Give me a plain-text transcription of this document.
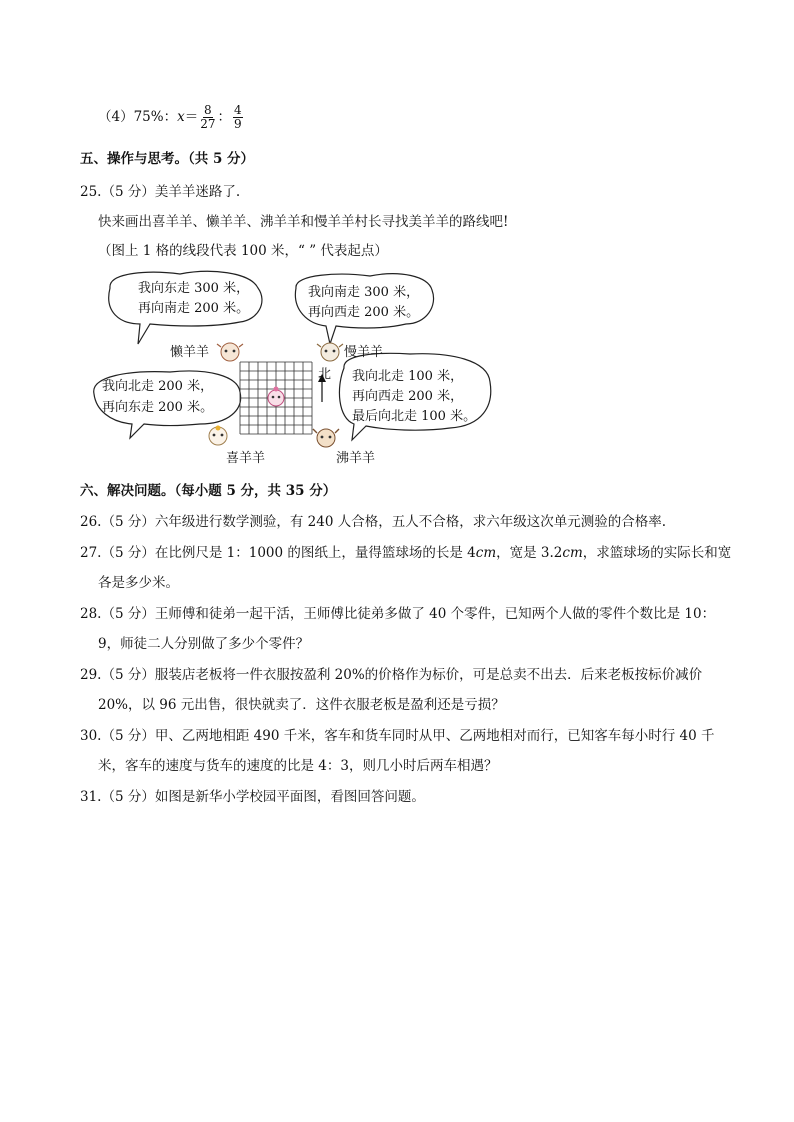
（4）75%：$x= \frac{8}{27}$ ： $\frac{4}{9}$
五、操作与思考。（共 5 分）
25.（5 分）美羊羊迷路了.
快来画出喜羊羊、懒羊羊、沸羊羊和慢羊羊村长寻找美羊羊的路线吧!
（图上 1 格的线段代表 100 米，“ ” 代表起点）
我向东走 300 米，
再向南走 200 米。
我向南走 300 米，
再向西走 200 米。
我向北走 200 米，
再向东走 200 米。
我向北走 100 米，
再向西走 200 米，
最后向北走 100 米。
北
懒羊羊	慢羊羊
喜羊羊	沸羊羊
六、解决问题。（每小题 5 分，共 35 分）
26.（5 分）六年级进行数学测验，有 240 人合格，五人不合格，求六年级这次单元测验的合格率.
27.（5 分）在比例尺是 1：1000 的图纸上，量得篮球场的长是 4cm，宽是 3.2cm，求篮球场的实际长和宽
各是多少米。
28.（5 分）王师傅和徒弟一起干活，王师傅比徒弟多做了 40 个零件，已知两个人做的零件个数比是 10：
9，师徒二人分别做了多少个零件？
29.（5 分）服装店老板将一件衣服按盈利 20%的价格作为标价，可是总卖不出去．后来老板按标价减价
20%，以 96 元出售，很快就卖了．这件衣服老板是盈利还是亏损？
30.（5 分）甲、乙两地相距 490 千米，客车和货车同时从甲、乙两地相对而行，已知客车每小时行 40 千
米，客车的速度与货车的速度的比是 4：3，则几小时后两车相遇？
31.（5 分）如图是新华小学校园平面图，看图回答问题。
